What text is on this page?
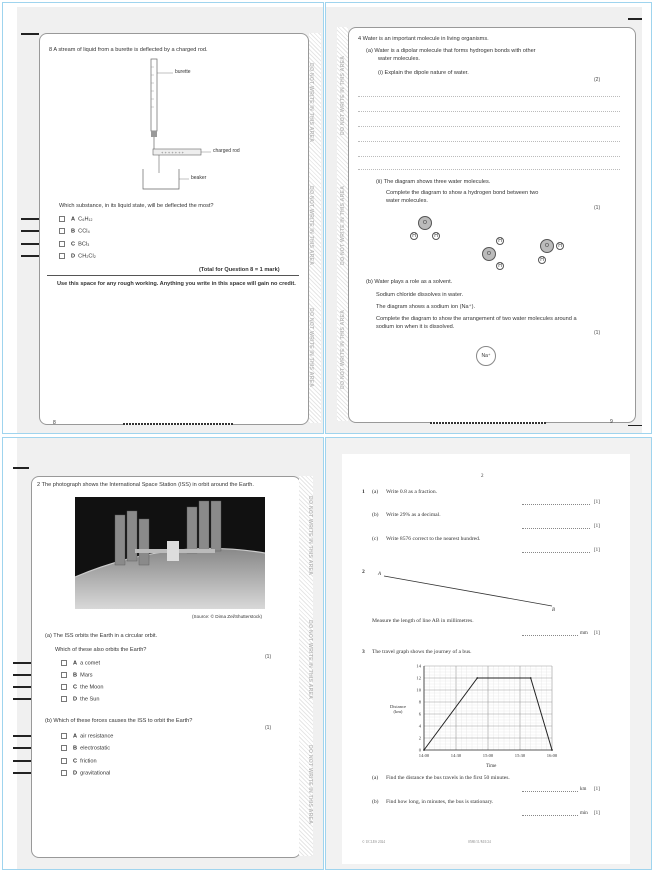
8 A stream of liquid from a burette is deflected by a charged rod.
+ + + + + + +
burette
charged rod
beaker
Which substance, in its liquid state, will be deflected the most?
A C₆H₁₂
B CCl₄
C BCl₃
D CH₂Cl₂
(Total for Question 8 = 1 mark)
Use this space for any rough working. Anything you write in this space will gain no credit.
DO NOT WRITE IN THIS AREA
DO NOT WRITE IN THIS AREA
DO NOT WRITE IN THIS AREA
8
DO NOT WRITE IN THIS AREA
DO NOT WRITE IN THIS AREA
DO NOT WRITE IN THIS AREA
4 Water is an important molecule in living organisms.
(a) Water is a dipolar molecule that forms hydrogen bonds with other
water molecules.
(i) Explain the dipole nature of water.
(2)
(ii) The diagram shows three water molecules.
Complete the diagram to show a hydrogen bond between two
water molecules.
(1)
O
H	H
O
H
H
O	H
H
(b) Water plays a role as a solvent.
Sodium chloride dissolves in water.
The diagram shows a sodium ion (Na⁺).
Complete the diagram to show the arrangement of two water molecules around a
sodium ion when it is dissolved.
(1)
Na⁺
9
DO NOT WRITE IN THIS AREA
DO NOT WRITE IN THIS AREA
DO NOT WRITE IN THIS AREA
2 The photograph shows the International Space Station (ISS) in orbit around the Earth.
(Source: © Dima Zel/Shutterstock)
(a) The ISS orbits the Earth in a circular orbit.
Which of these also orbits the Earth?
(1)
A a comet
B Mars
C the Moon
D the Sun
(b) Which of these forces causes the ISS to orbit the Earth?
(1)
A air resistance
B electrostatic
C friction
D gravitational
2
1 (a) Write 0.8 as a fraction.
[1]
(b) Write 29% as a decimal.
[1]
(c) Write 8576 correct to the nearest hundred.
[1]
2	A
B
Measure the length of line AB in millimetres.
mm [1]
3 The travel graph shows the journey of a bus.
Distance (km)
0
2
4
6
8
10
12
14
14:00	14:30	15:00	15:30	16:00
Time
(a) Find the distance the bus travels in the first 50 minutes.
km [1]
(b) Find how long, in minutes, the bus is stationary.
min [1]
© UCLES 2024	0580/11/M/J/24
